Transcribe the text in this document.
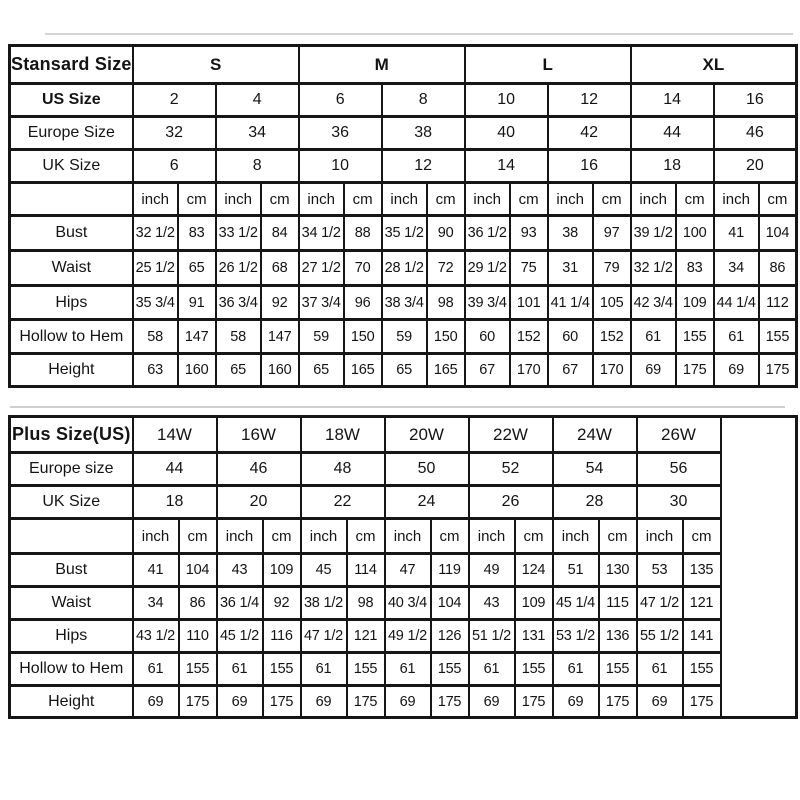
Stansard Size	S				M				L				XL			
US Size	2		4		6		8		10		12		14		16	
Europe Size	32		34		36		38		40		42		44		46	
UK Size	6		8		10		12		14		16		18		20	
	inch	cm	inch	cm	inch	cm	inch	cm	inch	cm	inch	cm	inch	cm	inch	cm
Bust	32 1/2	83	33 1/2	84	34 1/2	88	35 1/2	90	36 1/2	93	38	97	39 1/2	100	41	104
Waist	25 1/2	65	26 1/2	68	27 1/2	70	28 1/2	72	29 1/2	75	31	79	32 1/2	83	34	86
Hips	35 3/4	91	36 3/4	92	37 3/4	96	38 3/4	98	39 3/4	101	41 1/4	105	42 3/4	109	44 1/4	112
Hollow to Hem	58	147	58	147	59	150	59	150	60	152	60	152	61	155	61	155
Height	63	160	65	160	65	165	65	165	67	170	67	170	69	175	69	175
Plus Size(US)	14W		16W		18W		20W		22W		24W		26W		
Europe size	44		46		48		50		52		54		56		
UK Size	18		20		22		24		26		28		30		
	inch	cm	inch	cm	inch	cm	inch	cm	inch	cm	inch	cm	inch	cm	
Bust	41	104	43	109	45	114	47	119	49	124	51	130	53	135	
Waist	34	86	36 1/4	92	38 1/2	98	40 3/4	104	43	109	45 1/4	115	47 1/2	121	
Hips	43 1/2	110	45 1/2	116	47 1/2	121	49 1/2	126	51 1/2	131	53 1/2	136	55 1/2	141	
Hollow to Hem	61	155	61	155	61	155	61	155	61	155	61	155	61	155	
Height	69	175	69	175	69	175	69	175	69	175	69	175	69	175	
